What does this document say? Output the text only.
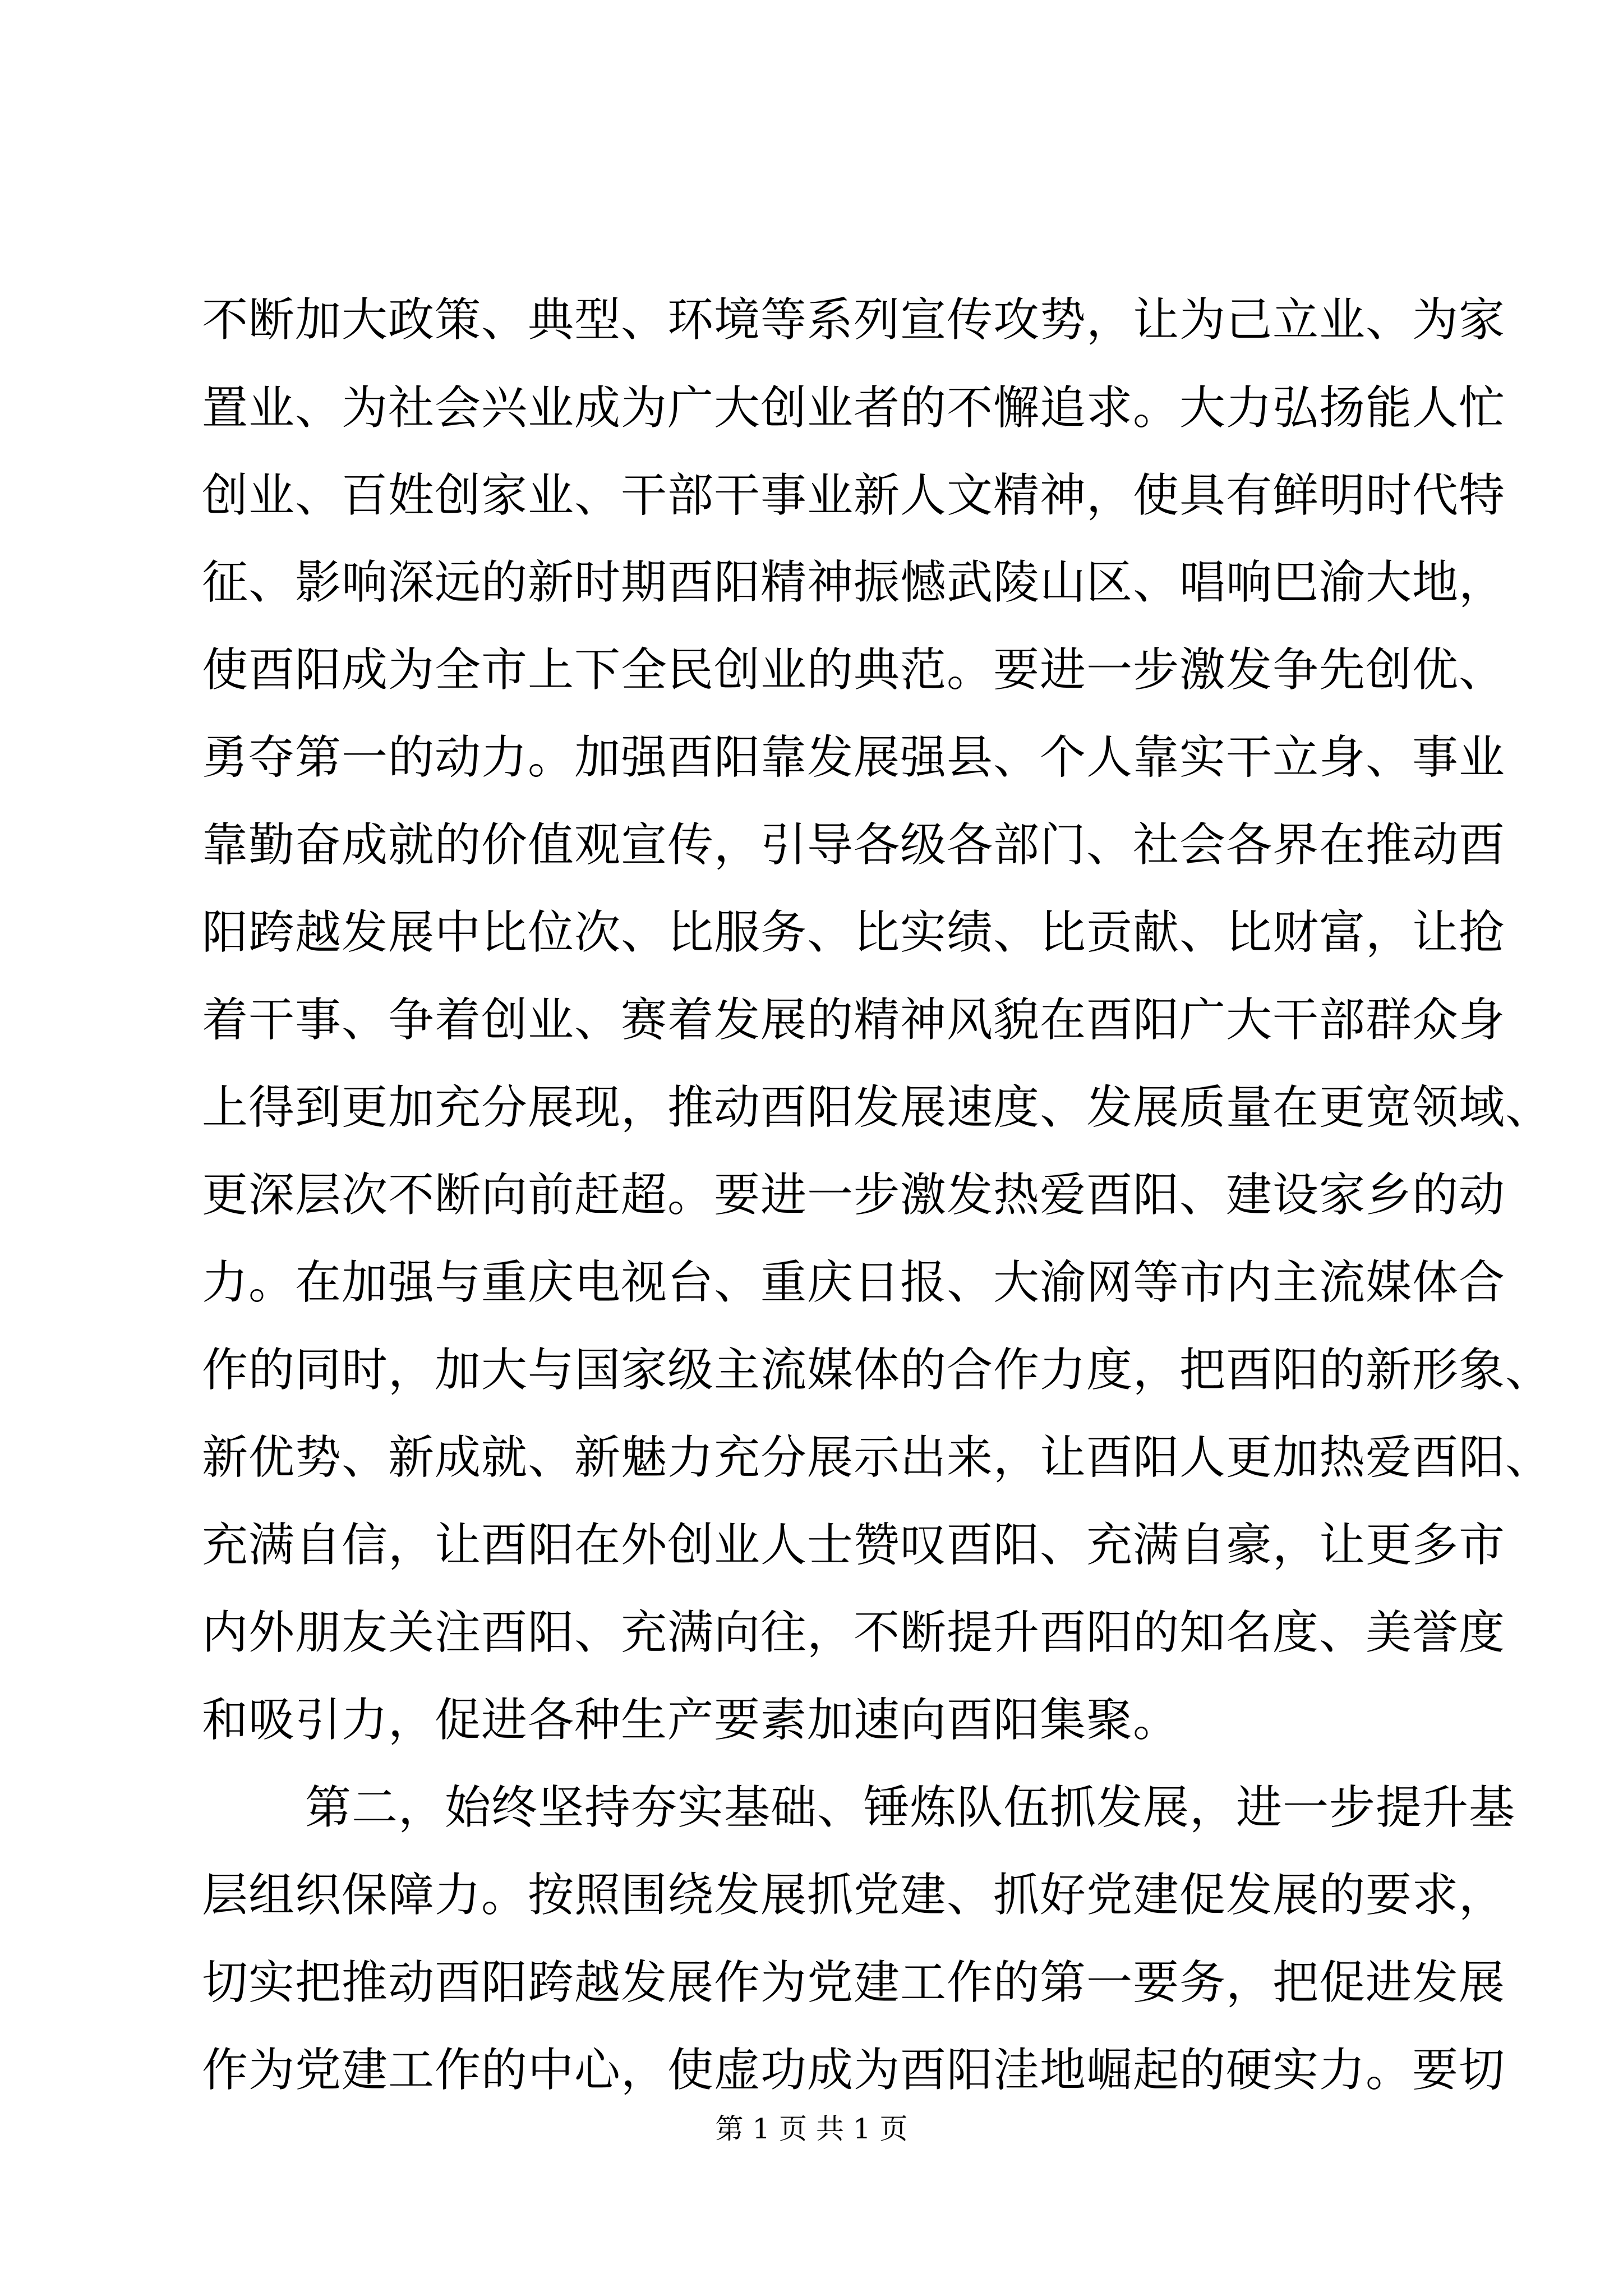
不断加大政策、典型、环境等系列宣传攻势，让为己立业、为家
置业、为社会兴业成为广大创业者的不懈追求。大力弘扬能人忙
创业、百姓创家业、干部干事业新人文精神，使具有鲜明时代特
征、影响深远的新时期酉阳精神振憾武陵山区、唱响巴渝大地，
使酉阳成为全市上下全民创业的典范。要进一步激发争先创优、
勇夺第一的动力。加强酉阳靠发展强县、个人靠实干立身、事业
靠勤奋成就的价值观宣传，引导各级各部门、社会各界在推动酉
阳跨越发展中比位次、比服务、比实绩、比贡献、比财富，让抢
着干事、争着创业、赛着发展的精神风貌在酉阳广大干部群众身
上得到更加充分展现，推动酉阳发展速度、发展质量在更宽领域、
更深层次不断向前赶超。要进一步激发热爱酉阳、建设家乡的动
力。在加强与重庆电视台、重庆日报、大渝网等市内主流媒体合
作的同时，加大与国家级主流媒体的合作力度，把酉阳的新形象、
新优势、新成就、新魅力充分展示出来，让酉阳人更加热爱酉阳、
充满自信，让酉阳在外创业人士赞叹酉阳、充满自豪，让更多市
内外朋友关注酉阳、充满向往，不断提升酉阳的知名度、美誉度
和吸引力，促进各种生产要素加速向酉阳集聚。
第二，始终坚持夯实基础、锤炼队伍抓发展，进一步提升基
层组织保障力。按照围绕发展抓党建、抓好党建促发展的要求，
切实把推动酉阳跨越发展作为党建工作的第一要务，把促进发展
作为党建工作的中心，使虚功成为酉阳洼地崛起的硬实力。要切
第 1 页 共 1 页
